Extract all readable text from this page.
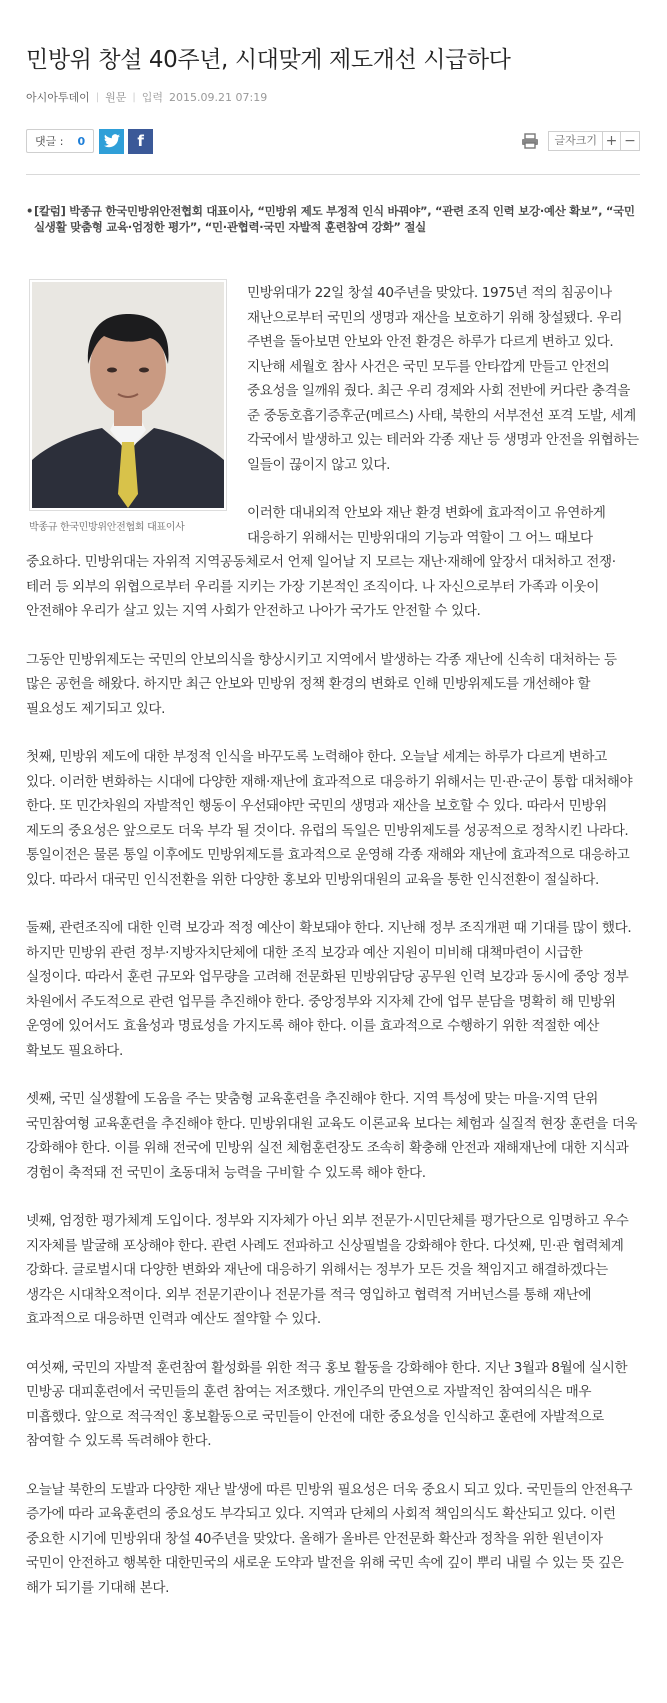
민방위 창설 40주년, 시대맞게 제도개선 시급하다
아시아투데이 | 원문 | 입력 2015.09.21 07:19
댓글 : 0	f	글자크기 + −
• [칼럼] 박종규 한국민방위안전협회 대표이사, “민방위 제도 부정적 인식 바꿔야”, “관련 조직 인력 보강·예산 확보”, “국민 실생활 맞춤형 교육·엄정한 평가”, “민·관협력·국민 자발적 훈련참여 강화” 절실
박종규 한국민방위안전협회 대표이사

민방위대가 22일 창설 40주년을 맞았다. 1975년 적의 침공이나 재난으로부터 국민의 생명과 재산을 보호하기 위해 창설됐다. 우리 주변을 돌아보면 안보와 안전 환경은 하루가 다르게 변하고 있다. 지난해 세월호 참사 사건은 국민 모두를 안타깝게 만들고 안전의 중요성을 일깨워 줬다. 최근 우리 경제와 사회 전반에 커다란 충격을 준 중동호흡기증후군(메르스) 사태, 북한의 서부전선 포격 도발, 세계 각국에서 발생하고 있는 테러와 각종 재난 등 생명과 안전을 위협하는 일들이 끊이지 않고 있다.

이러한 대내외적 안보와 재난 환경 변화에 효과적이고 유연하게 대응하기 위해서는 민방위대의 기능과 역할이 그 어느 때보다 중요하다. 민방위대는 자위적 지역공동체로서 언제 일어날 지 모르는 재난·재해에 앞장서 대처하고 전쟁·테러 등 외부의 위협으로부터 우리를 지키는 가장 기본적인 조직이다. 나 자신으로부터 가족과 이웃이 안전해야 우리가 살고 있는 지역 사회가 안전하고 나아가 국가도 안전할 수 있다.

그동안 민방위제도는 국민의 안보의식을 향상시키고 지역에서 발생하는 각종 재난에 신속히 대처하는 등 많은 공헌을 해왔다. 하지만 최근 안보와 민방위 정책 환경의 변화로 인해 민방위제도를 개선해야 할 필요성도 제기되고 있다.

첫째, 민방위 제도에 대한 부정적 인식을 바꾸도록 노력해야 한다. 오늘날 세계는 하루가 다르게 변하고 있다. 이러한 변화하는 시대에 다양한 재해·재난에 효과적으로 대응하기 위해서는 민·관·군이 통합 대처해야 한다. 또 민간차원의 자발적인 행동이 우선돼야만 국민의 생명과 재산을 보호할 수 있다. 따라서 민방위 제도의 중요성은 앞으로도 더욱 부각 될 것이다. 유럽의 독일은 민방위제도를 성공적으로 정착시킨 나라다. 통일이전은 물론 통일 이후에도 민방위제도를 효과적으로 운영해 각종 재해와 재난에 효과적으로 대응하고 있다. 따라서 대국민 인식전환을 위한 다양한 홍보와 민방위대원의 교육을 통한 인식전환이 절실하다.

둘째, 관련조직에 대한 인력 보강과 적정 예산이 확보돼야 한다. 지난해 정부 조직개편 때 기대를 많이 했다. 하지만 민방위 관련 정부·지방자치단체에 대한 조직 보강과 예산 지원이 미비해 대책마련이 시급한 실정이다. 따라서 훈련 규모와 업무량을 고려해 전문화된 민방위담당 공무원 인력 보강과 동시에 중앙 정부 차원에서 주도적으로 관련 업무를 추진해야 한다. 중앙정부와 지자체 간에 업무 분담을 명확히 해 민방위 운영에 있어서도 효율성과 명료성을 가지도록 해야 한다. 이를 효과적으로 수행하기 위한 적절한 예산 확보도 필요하다.

셋째, 국민 실생활에 도움을 주는 맞춤형 교육훈련을 추진해야 한다. 지역 특성에 맞는 마을·지역 단위 국민참여형 교육훈련을 추진해야 한다. 민방위대원 교육도 이론교육 보다는 체험과 실질적 현장 훈련을 더욱 강화해야 한다. 이를 위해 전국에 민방위 실전 체험훈련장도 조속히 확충해 안전과 재해재난에 대한 지식과 경험이 축적돼 전 국민이 초동대처 능력을 구비할 수 있도록 해야 한다.

넷째, 엄정한 평가체계 도입이다. 정부와 지자체가 아닌 외부 전문가·시민단체를 평가단으로 임명하고 우수 지자체를 발굴해 포상해야 한다. 관련 사례도 전파하고 신상필벌을 강화해야 한다. 다섯째, 민·관 협력체계 강화다. 글로벌시대 다양한 변화와 재난에 대응하기 위해서는 정부가 모든 것을 책임지고 해결하겠다는 생각은 시대착오적이다. 외부 전문기관이나 전문가를 적극 영입하고 협력적 거버넌스를 통해 재난에 효과적으로 대응하면 인력과 예산도 절약할 수 있다.

여섯째, 국민의 자발적 훈련참여 활성화를 위한 적극 홍보 활동을 강화해야 한다. 지난 3월과 8월에 실시한 민방공 대피훈련에서 국민들의 훈련 참여는 저조했다. 개인주의 만연으로 자발적인 참여의식은 매우 미흡했다. 앞으로 적극적인 홍보활동으로 국민들이 안전에 대한 중요성을 인식하고 훈련에 자발적으로 참여할 수 있도록 독려해야 한다.

오늘날 북한의 도발과 다양한 재난 발생에 따른 민방위 필요성은 더욱 중요시 되고 있다. 국민들의 안전욕구 증가에 따라 교육훈련의 중요성도 부각되고 있다. 지역과 단체의 사회적 책임의식도 확산되고 있다. 이런 중요한 시기에 민방위대 창설 40주년을 맞았다. 올해가 올바른 안전문화 확산과 정착을 위한 원년이자 국민이 안전하고 행복한 대한민국의 새로운 도약과 발전을 위해 국민 속에 깊이 뿌리 내릴 수 있는 뜻 깊은 해가 되기를 기대해 본다.
